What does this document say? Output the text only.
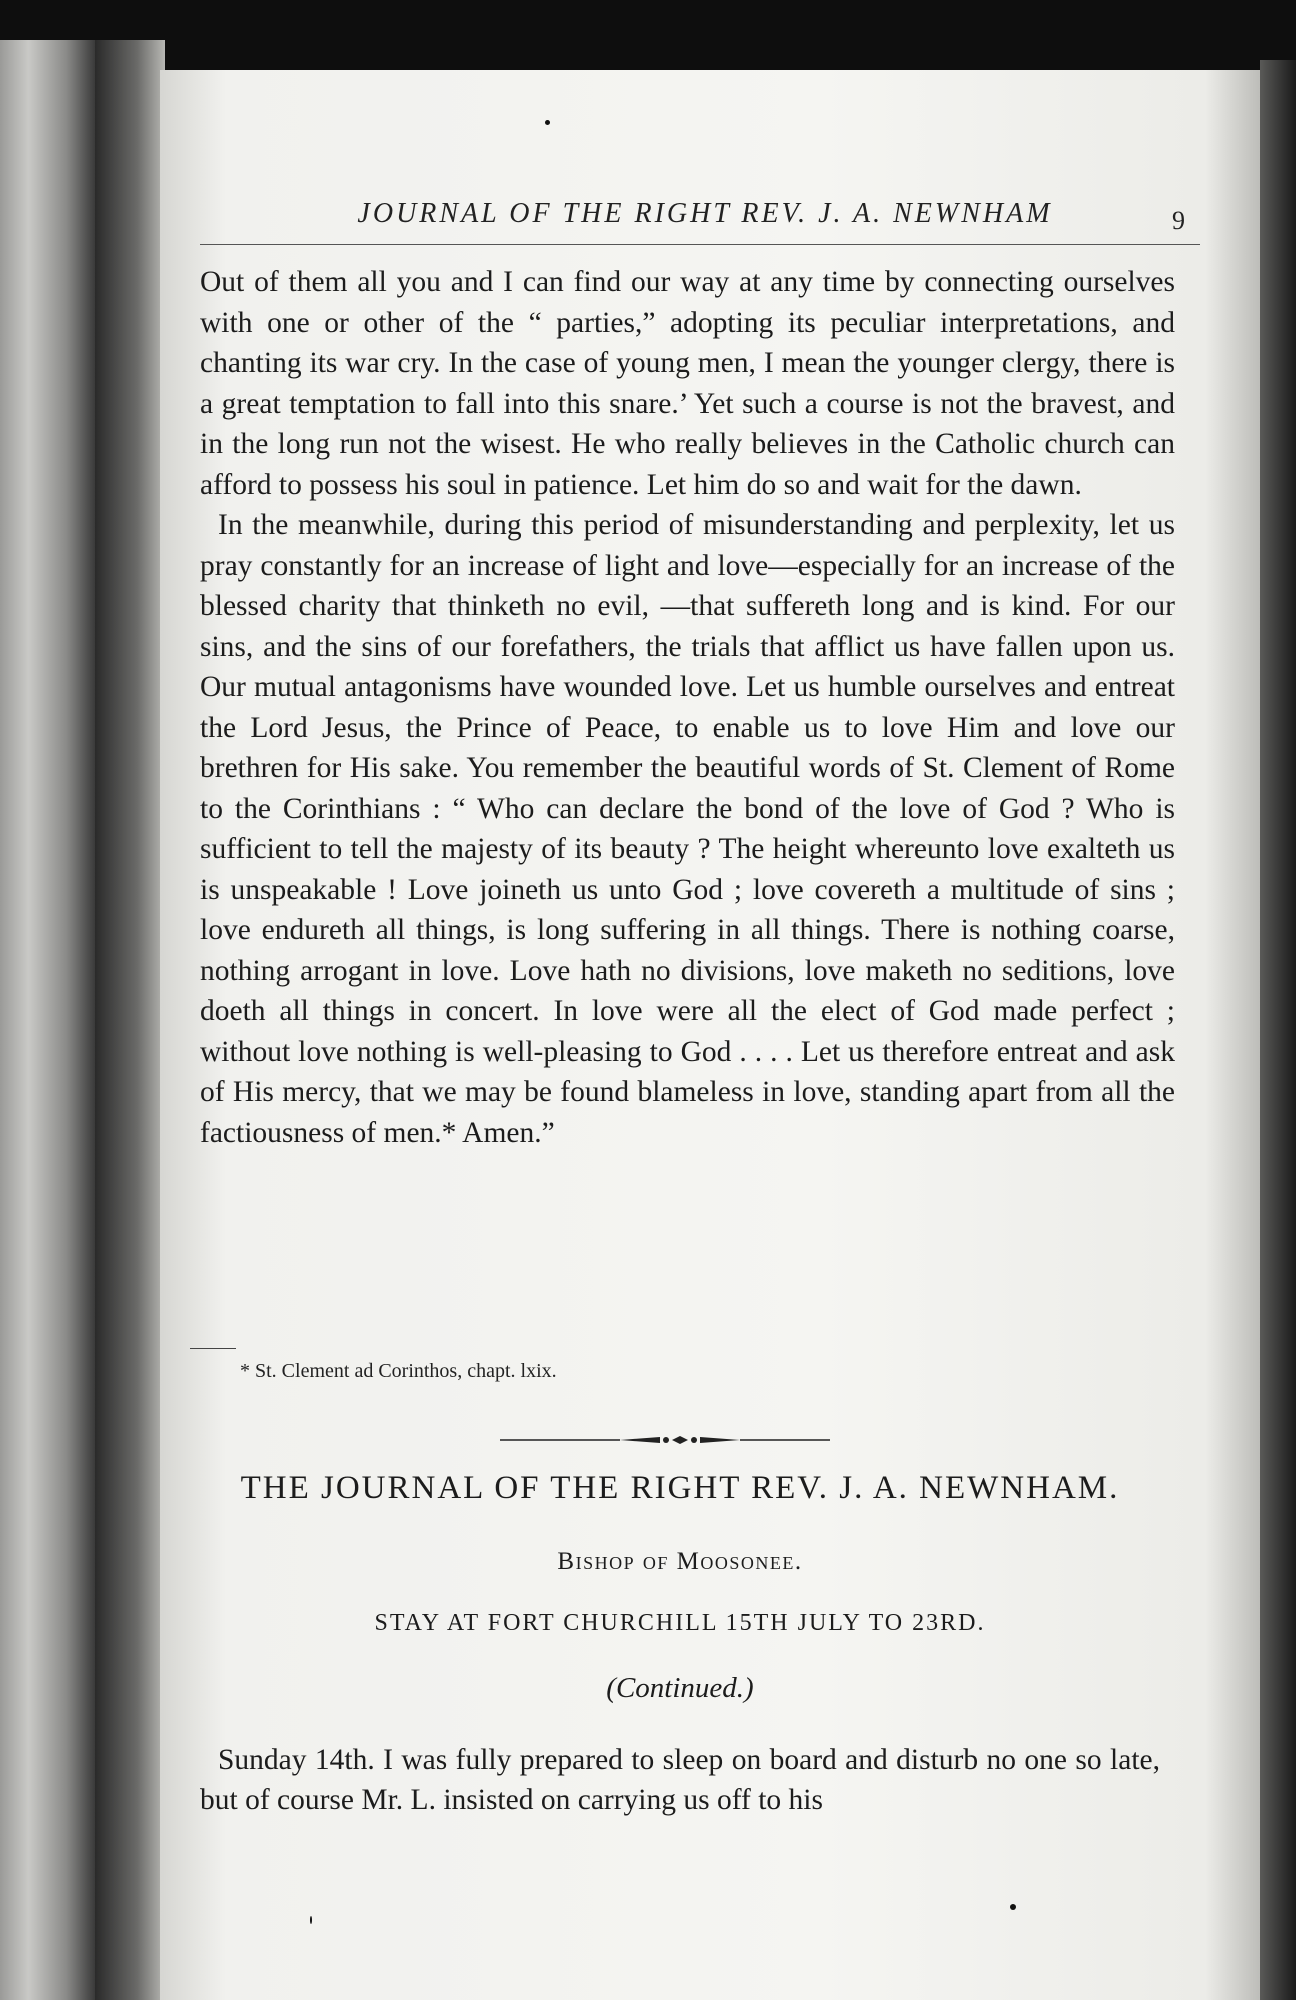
JOURNAL OF THE RIGHT REV. J. A. NEWNHAM	9

Out of them all you and I can find our way at any time by connecting ourselves with one or other of the “ parties,” adopting its peculiar interpretations, and chanting its war cry. In the case of young men, I mean the younger clergy, there is a great temptation to fall into this snare.’ Yet such a course is not the bravest, and in the long run not the wisest. He who really believes in the Catholic church can afford to possess his soul in patience. Let him do so and wait for the dawn.

In the meanwhile, during this period of misunderstanding and perplexity, let us pray constantly for an increase of light and love—especially for an increase of the blessed charity that thinketh no evil, —that suffereth long and is kind. For our sins, and the sins of our forefathers, the trials that afflict us have fallen upon us. Our mutual antagonisms have wounded love. Let us humble ourselves and entreat the Lord Jesus, the Prince of Peace, to enable us to love Him and love our brethren for His sake. You remember the beautiful words of St. Clement of Rome to the Corinthians : “ Who can declare the bond of the love of God ? Who is sufficient to tell the majesty of its beauty ? The height whereunto love exalteth us is unspeakable ! Love joineth us unto God ; love covereth a multitude of sins ; love endureth all things, is long suffering in all things. There is nothing coarse, nothing arrogant in love. Love hath no divisions, love maketh no seditions, love doeth all things in concert. In love were all the elect of God made perfect ; without love nothing is well-pleasing to God . . . . Let us therefore entreat and ask of His mercy, that we may be found blameless in love, standing apart from all the factiousness of men.* Amen.”

* St. Clement ad Corinthos, chapt. lxix.
THE JOURNAL OF THE RIGHT REV. J. A. NEWNHAM.
Bishop of Moosonee.
STAY AT FORT CHURCHILL 15TH JULY TO 23RD.
(Continued.)

Sunday 14th. I was fully prepared to sleep on board and disturb no one so late, but of course Mr. L. insisted on carrying us off to his
